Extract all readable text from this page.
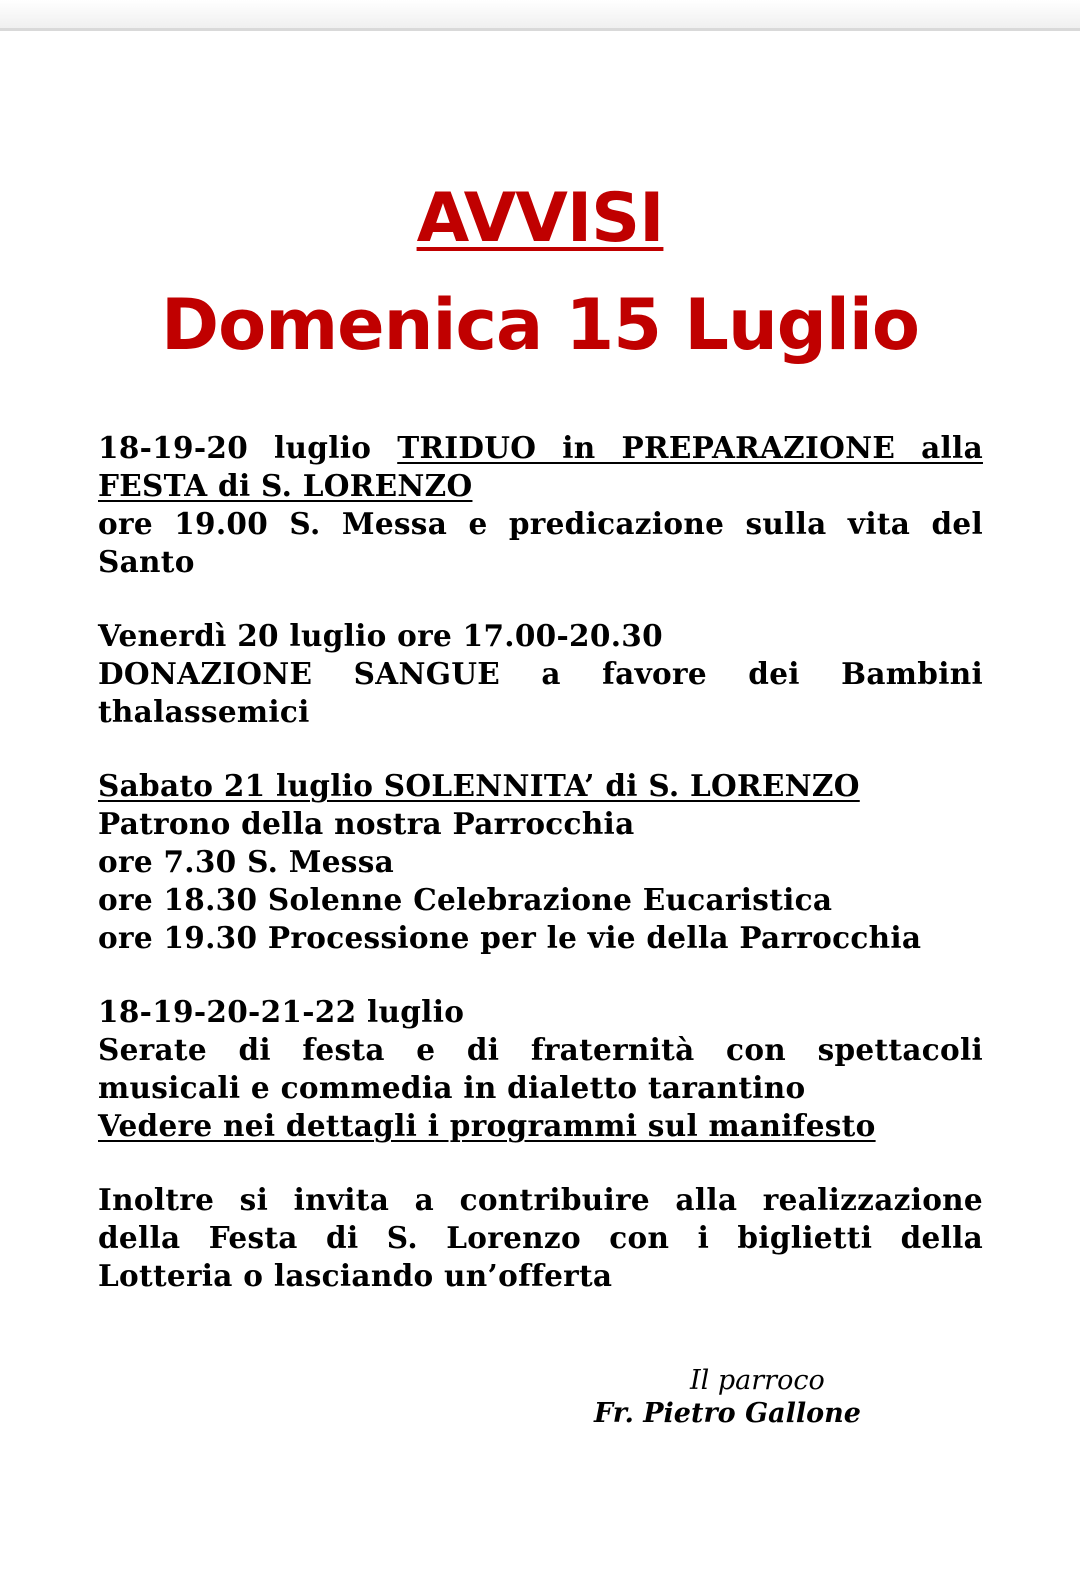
AVVISI
Domenica 15 Luglio
18-19-20 luglio TRIDUO in PREPARAZIONE alla FESTA di S. LORENZO
ore 19.00 S. Messa e predicazione sulla vita del Santo
Venerdì 20 luglio ore 17.00-20.30
DONAZIONE SANGUE a favore dei Bambini thalassemici
Sabato 21 luglio SOLENNITA’ di S. LORENZO
Patrono della nostra Parrocchia
ore 7.30 S. Messa
ore 18.30 Solenne Celebrazione Eucaristica
ore 19.30 Processione per le vie della Parrocchia
18-19-20-21-22 luglio
Serate di festa e di fraternità con spettacoli musicali e commedia in dialetto tarantino
Vedere nei dettagli i programmi sul manifesto
Inoltre si invita a contribuire alla realizzazione della Festa di S. Lorenzo con i biglietti della Lotteria o lasciando un’offerta
Il parroco
Fr. Pietro Gallone
